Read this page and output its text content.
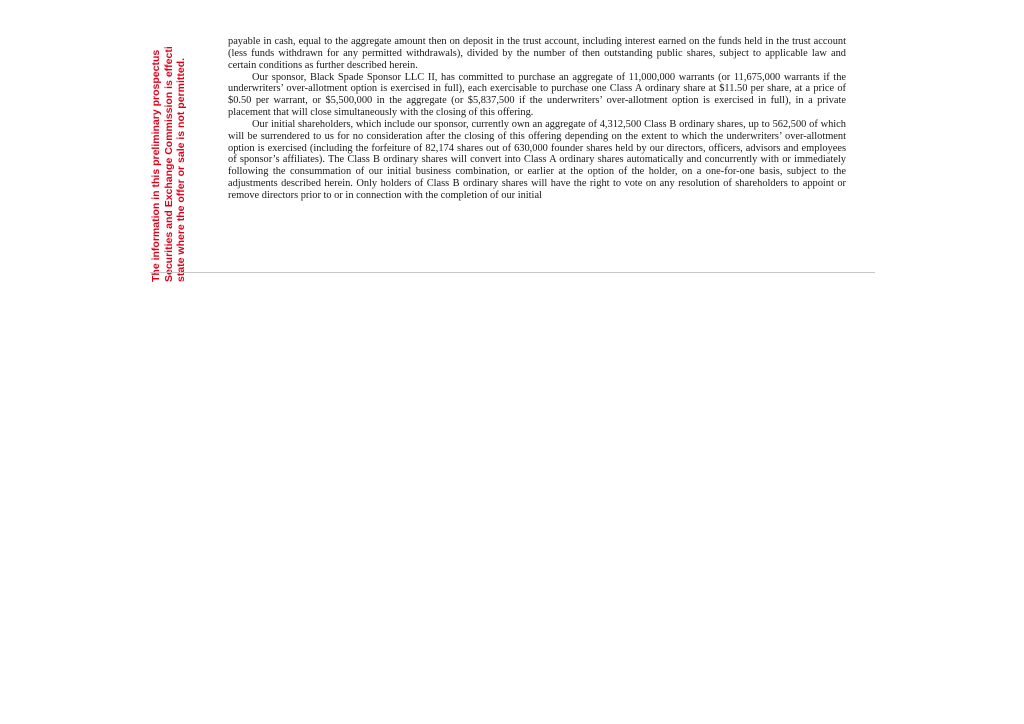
The information in this preliminary prospectus Securities and Exchange Commission is effecti state where the offer or sale is not permitted.

payable in cash, equal to the aggregate amount then on deposit in the trust account, including interest earned on the funds held in the trust account (less funds withdrawn for any permitted withdrawals), divided by the number of then outstanding public shares, subject to applicable law and certain conditions as further described herein.

Our sponsor, Black Spade Sponsor LLC II, has committed to purchase an aggregate of 11,000,000 warrants (or 11,675,000 warrants if the underwriters’ over-allotment option is exercised in full), each exercisable to purchase one Class A ordinary share at $11.50 per share, at a price of $0.50 per warrant, or $5,500,000 in the aggregate (or $5,837,500 if the underwriters’ over-allotment option is exercised in full), in a private placement that will close simultaneously with the closing of this offering.

Our initial shareholders, which include our sponsor, currently own an aggregate of 4,312,500 Class B ordinary shares, up to 562,500 of which will be surrendered to us for no consideration after the closing of this offering depending on the extent to which the underwriters’ over-allotment option is exercised (including the forfeiture of 82,174 shares out of 630,000 founder shares held by our directors, officers, advisors and employees of sponsor’s affiliates). The Class B ordinary shares will convert into Class A ordinary shares automatically and concurrently with or immediately following the consummation of our initial business combination, or earlier at the option of the holder, on a one-for-one basis, subject to the adjustments described herein. Only holders of Class B ordinary shares will have the right to vote on any resolution of shareholders to appoint or remove directors prior to or in connection with the completion of our initial
